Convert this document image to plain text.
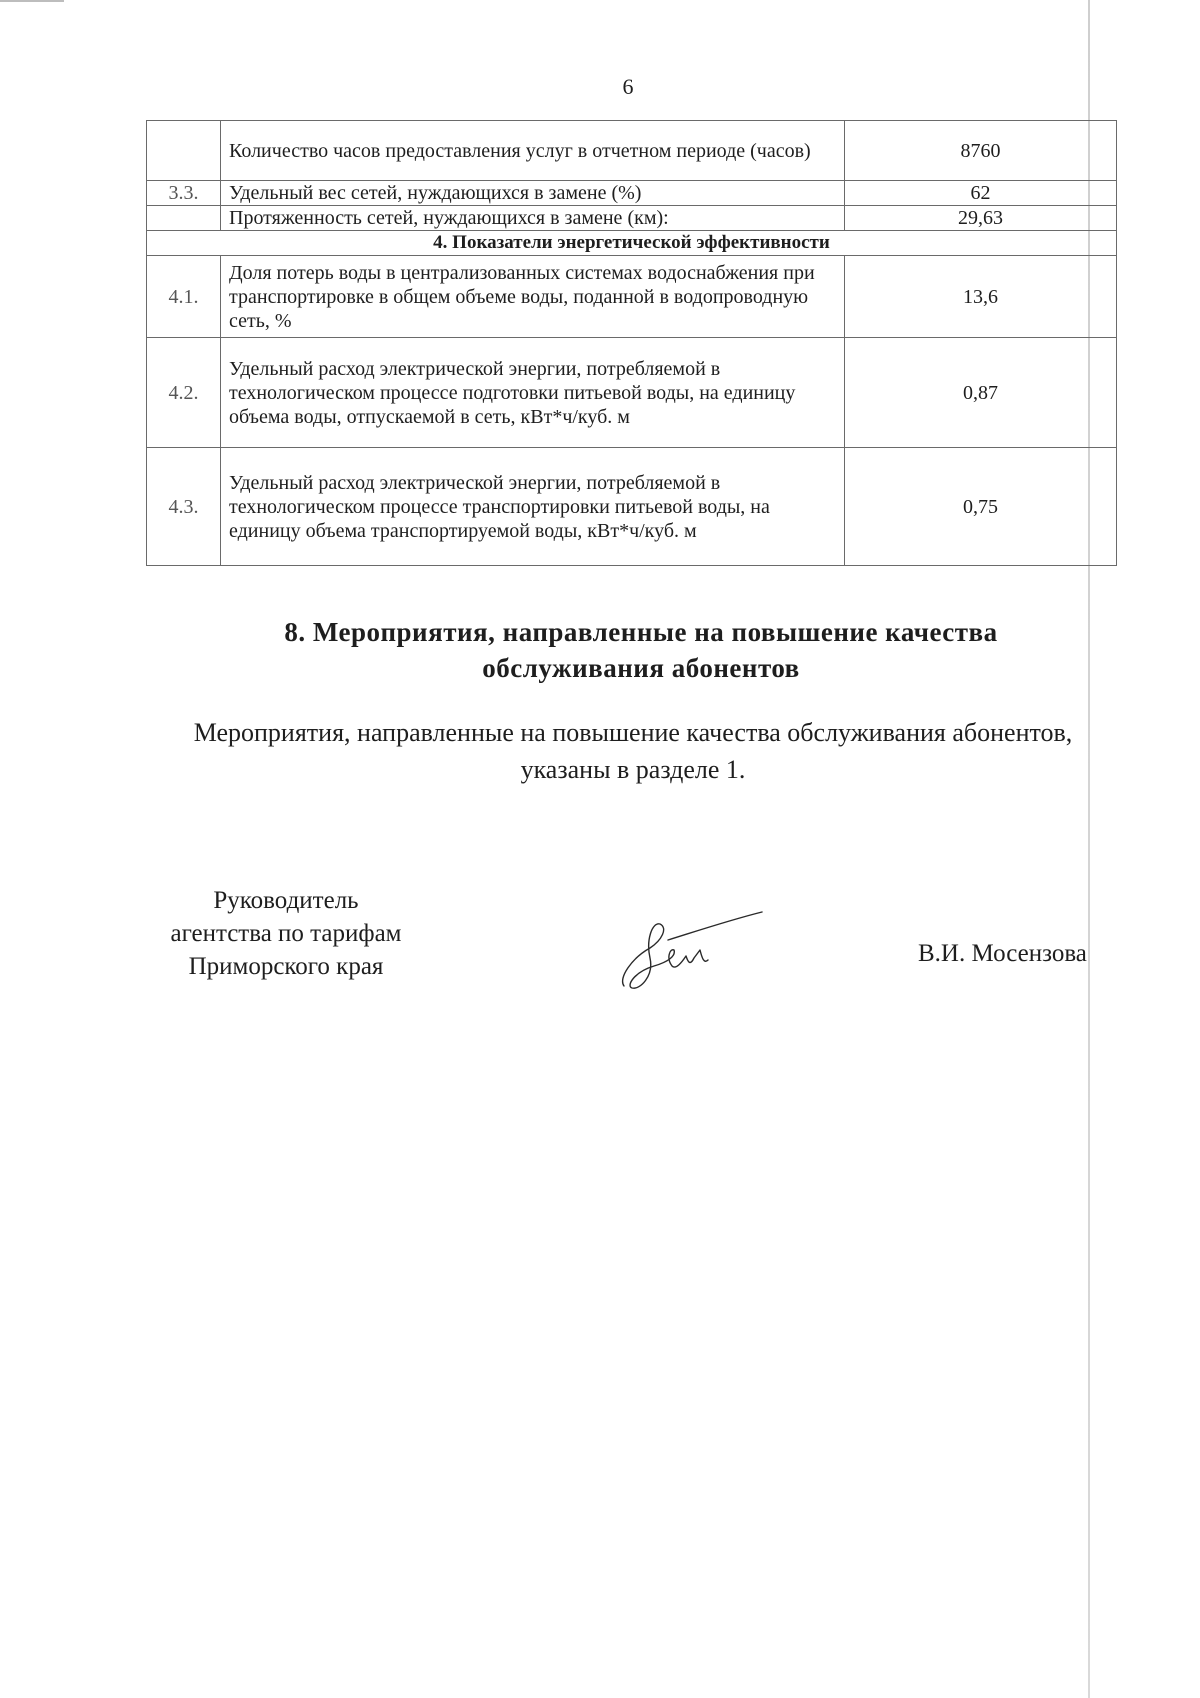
6
	Количество часов предоставления услуг в отчетном периоде (часов)	8760
3.3.	Удельный вес сетей, нуждающихся в замене (%)	62
	Протяженность сетей, нуждающихся в замене (км):	29,63
4. Показатели энергетической эффективности		
4.1.	Доля потерь воды в централизованных системах водоснабжения при транспортировке в общем объеме воды, поданной в водопроводную сеть, %	13,6
4.2.	Удельный расход электрической энергии, потребляемой в технологическом процессе подготовки питьевой воды, на единицу объема воды, отпускаемой в сеть, кВт*ч/куб. м	0,87
4.3.	Удельный расход электрической энергии, потребляемой в технологическом процессе транспортировки питьевой воды, на единицу объема транспортируемой воды, кВт*ч/куб. м	0,75
8. Мероприятия, направленные на повышение качества
обслуживания абонентов
Мероприятия, направленные на повышение качества обслуживания абонентов,
указаны в разделе 1.
Руководитель
агентства по тарифам
Приморского края	В.И. Мосензова
